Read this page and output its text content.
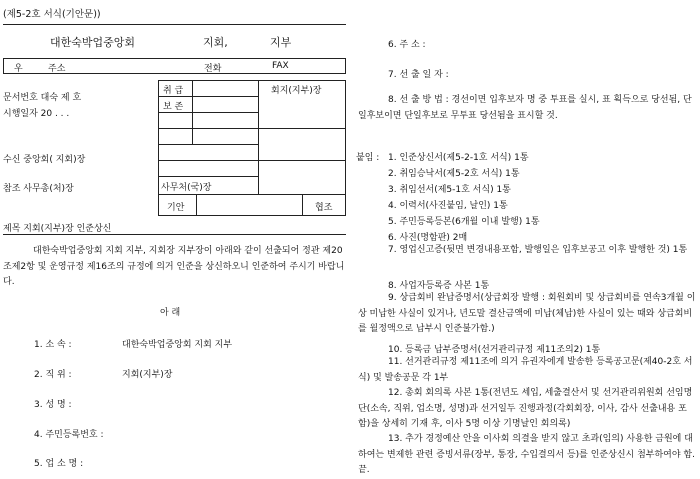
(제5-2호 서식(기안문))
대한숙박업중앙회	지회,	지부
우	주소	전화	FAX
문서번호 대숙 제 호
시행일자 20 . . .
수신 중앙회( 지회)장
참조 사무총(처)장
취 급
보 존
회지(지부)장
사무처(국)장
기안	협조
제목 지회(지부)장 인준상신
대한숙박업중앙회 지회 지부, 지회장 지부장이 아래와 같이 선출되어 정관 제20조제2항 및 운영규정 제16조의 규정에 의거 인준을 상신하오니 인준하여 주시기 바랍니다.
아 래
1. 소 속 :	대한숙박업중앙회 지회 지부
2. 직 위 :	지회(지부)장
3. 성 명 :
4. 주민등록번호 :
5. 업 소 명 :
6. 주 소 :
7. 선 출 일 자 :
8. 선 출 방 법 : 경선이면 입후보자 명 중 투표를 실시, 표 획득으로 당선됨, 단일후보이면 단일후보로 무투표 당선됨을 표시할 것.
붙임 : 1. 인준상신서(제5-2-1호 서식) 1통
2. 취임승낙서(제5-2호 서식) 1통
3. 취임선서(제5-1호 서식) 1통
4. 이력서(사진붙임, 날인) 1통
5. 주민등록등본(6개월 이내 발행) 1통
6. 사진(명함판) 2매
7. 영업신고증(뒷면 변경내용포함, 발행일은 입후보공고 이후 발행한 것) 1통
8. 사업자등록증 사본 1통
9. 상급회비 완납증명서(상급회장 발행 : 회원회비 및 상급회비를 연속3개월 이상 미납한 사실이 있거나, 년도말 결산금액에 미납(체납)한 사실이 있는 때와 상급회비를 월정액으로 납부시 인준불가함.)
10. 등록금 납부증명서(선거관리규정 제11조의2) 1통
11. 선거관리규정 제11조에 의거 유권자에게 발송한 등록공고문(제40-2호 서식) 및 발송공문 각 1부
12. 총회 회의록 사본 1통(전년도 세입, 세출결산서 및 선거관리위원회 선임명단(소속, 직위, 업소명, 성명)과 선거일두 진행과정(각회회장, 이사, 감사 선출내용 포함)을 상세히 기재 후, 이사 5명 이상 기명날인 회의록)
13. 추가 경정예산 안을 이사회 의결을 받지 않고 초과(임의) 사용한 금원에 대하여는 변제한 관련 증빙서류(장부, 통장, 수입결의서 등)를 인준상신시 첨부하여야 함. 끝.
